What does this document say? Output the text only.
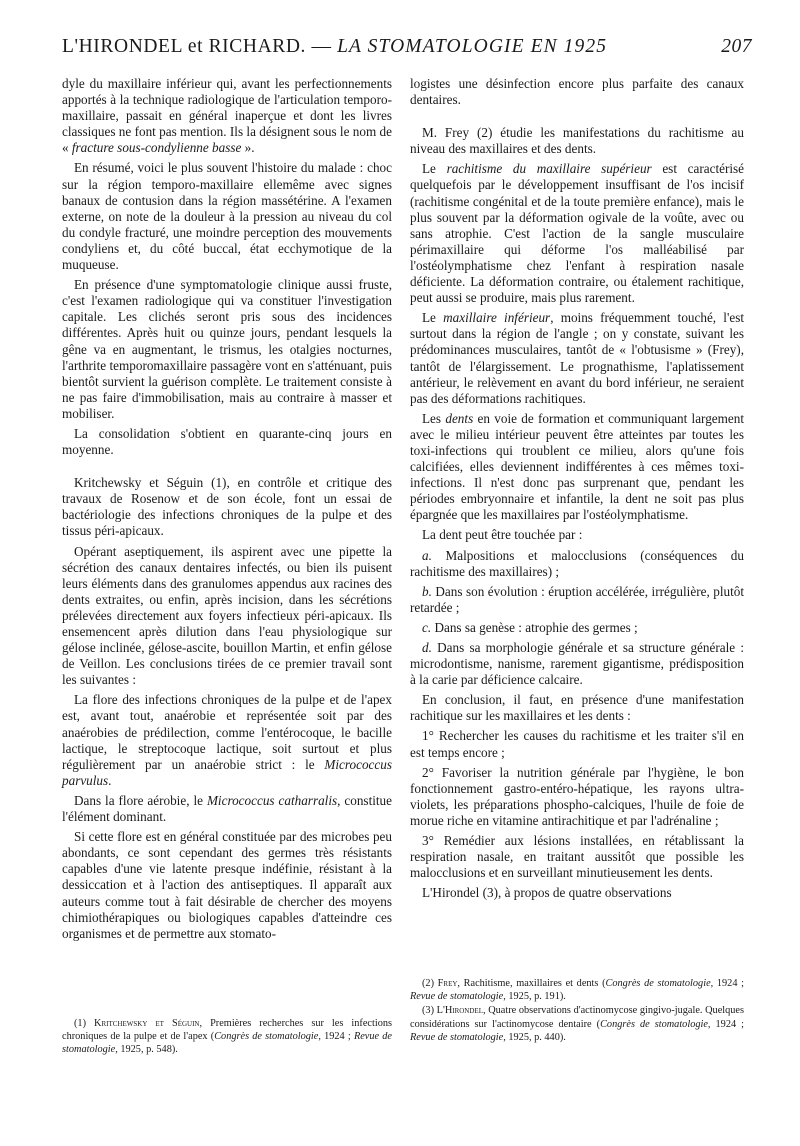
L'HIRONDEL et RICHARD. — LA STOMATOLOGIE EN 1925	207

dyle du maxillaire inférieur qui, avant les perfectionnements apportés à la technique radiologique de l'articulation temporo-maxillaire, passait en général inaperçue et dont les livres classiques ne font pas mention. Ils la désignent sous le nom de « fracture sous-condylienne basse ».

En résumé, voici le plus souvent l'histoire du malade : choc sur la région temporo-maxillaire ellemême avec signes banaux de contusion dans la région massétérine. A l'examen externe, on note de la douleur à la pression au niveau du col du condyle fracturé, une moindre perception des mouvements condyliens et, du côté buccal, état ecchymotique de la muqueuse.

En présence d'une symptomatologie clinique aussi fruste, c'est l'examen radiologique qui va constituer l'investigation capitale. Les clichés seront pris sous des incidences différentes. Après huit ou quinze jours, pendant lesquels la gêne va en augmentant, le trismus, les otalgies nocturnes, l'arthrite temporomaxillaire passagère vont en s'atténuant, puis bientôt survient la guérison complète. Le traitement consiste à ne pas faire d'immobilisation, mais au contraire à masser et mobiliser.

La consolidation s'obtient en quarante-cinq jours en moyenne.

Kritchewsky et Séguin (1), en contrôle et critique des travaux de Rosenow et de son école, font un essai de bactériologie des infections chroniques de la pulpe et des tissus péri-apicaux.

Opérant aseptiquement, ils aspirent avec une pipette la sécrétion des canaux dentaires infectés, ou bien ils puisent leurs éléments dans des granulomes appendus aux racines des dents extraites, ou enfin, après incision, dans les sécrétions prélevées directement aux foyers infectieux péri-apicaux. Ils ensemencent après dilution dans l'eau physiologique sur gélose inclinée, gélose-ascite, bouillon Martin, et enfin gélose de Veillon. Les conclusions tirées de ce premier travail sont les suivantes :

La flore des infections chroniques de la pulpe et de l'apex est, avant tout, anaérobie et représentée soit par des anaérobies de prédilection, comme l'entérocoque, le bacille lactique, le streptocoque lactique, soit surtout et plus régulièrement par un anaérobie strict : le Micrococcus parvulus.

Dans la flore aérobie, le Micrococcus catharralis, constitue l'élément dominant.

Si cette flore est en général constituée par des microbes peu abondants, ce sont cependant des germes très résistants capables d'une vie latente presque indéfinie, résistant à la dessiccation et à l'action des antiseptiques. Il apparaît aux auteurs comme tout à fait désirable de chercher des moyens chimiothérapiques ou biologiques capables d'atteindre ces organismes et de permettre aux stomato-

(1) Kritchewsky et Séguin, Premières recherches sur les infections chroniques de la pulpe et de l'apex (Congrès de stomatologie, 1924 ; Revue de stomatologie, 1925, p. 548).

logistes une désinfection encore plus parfaite des canaux dentaires.

M. Frey (2) étudie les manifestations du rachitisme au niveau des maxillaires et des dents.

Le rachitisme du maxillaire supérieur est caractérisé quelquefois par le développement insuffisant de l'os incisif (rachitisme congénital et de la toute première enfance), mais le plus souvent par la déformation ogivale de la voûte, avec ou sans atrophie. C'est l'action de la sangle musculaire périmaxillaire qui déforme l'os malléabilisé par l'ostéolymphatisme chez l'enfant à respiration nasale déficiente. La déformation contraire, ou étalement rachitique, peut aussi se produire, mais plus rarement.

Le maxillaire inférieur, moins fréquemment touché, l'est surtout dans la région de l'angle ; on y constate, suivant les prédominances musculaires, tantôt de « l'obtusisme » (Frey), tantôt de l'élargissement. Le prognathisme, l'aplatissement antérieur, le relèvement en avant du bord inférieur, ne seraient pas des déformations rachitiques.

Les dents en voie de formation et communiquant largement avec le milieu intérieur peuvent être atteintes par toutes les toxi-infections qui troublent ce milieu, alors qu'une fois calcifiées, elles deviennent indifférentes à ces mêmes toxi-infections. Il n'est donc pas surprenant que, pendant les périodes embryonnaire et infantile, la dent ne soit pas plus épargnée que les maxillaires par l'ostéolymphatisme.

La dent peut être touchée par :

a. Malpositions et malocclusions (conséquences du rachitisme des maxillaires) ;

b. Dans son évolution : éruption accélérée, irrégulière, plutôt retardée ;

c. Dans sa genèse : atrophie des germes ;

d. Dans sa morphologie générale et sa structure générale : microdontisme, nanisme, rarement gigantisme, prédisposition à la carie par déficience calcaire.

En conclusion, il faut, en présence d'une manifestation rachitique sur les maxillaires et les dents :

1° Rechercher les causes du rachitisme et les traiter s'il en est temps encore ;

2° Favoriser la nutrition générale par l'hygiène, le bon fonctionnement gastro-entéro-hépatique, les rayons ultra-violets, les préparations phospho-calciques, l'huile de foie de morue riche en vitamine antirachitique et par l'adrénaline ;

3° Remédier aux lésions installées, en rétablissant la respiration nasale, en traitant aussitôt que possible les malocclusions et en surveillant minutieusement les dents.

L'Hirondel (3), à propos de quatre observations

(2) Frey, Rachitisme, maxillaires et dents (Congrès de stomatologie, 1924 ; Revue de stomatologie, 1925, p. 191).

(3) L'Hirondel, Quatre observations d'actinomycose gingivo-jugale. Quelques considérations sur l'actinomycose dentaire (Congrès de stomatologie, 1924 ; Revue de stomatologie, 1925, p. 440).
